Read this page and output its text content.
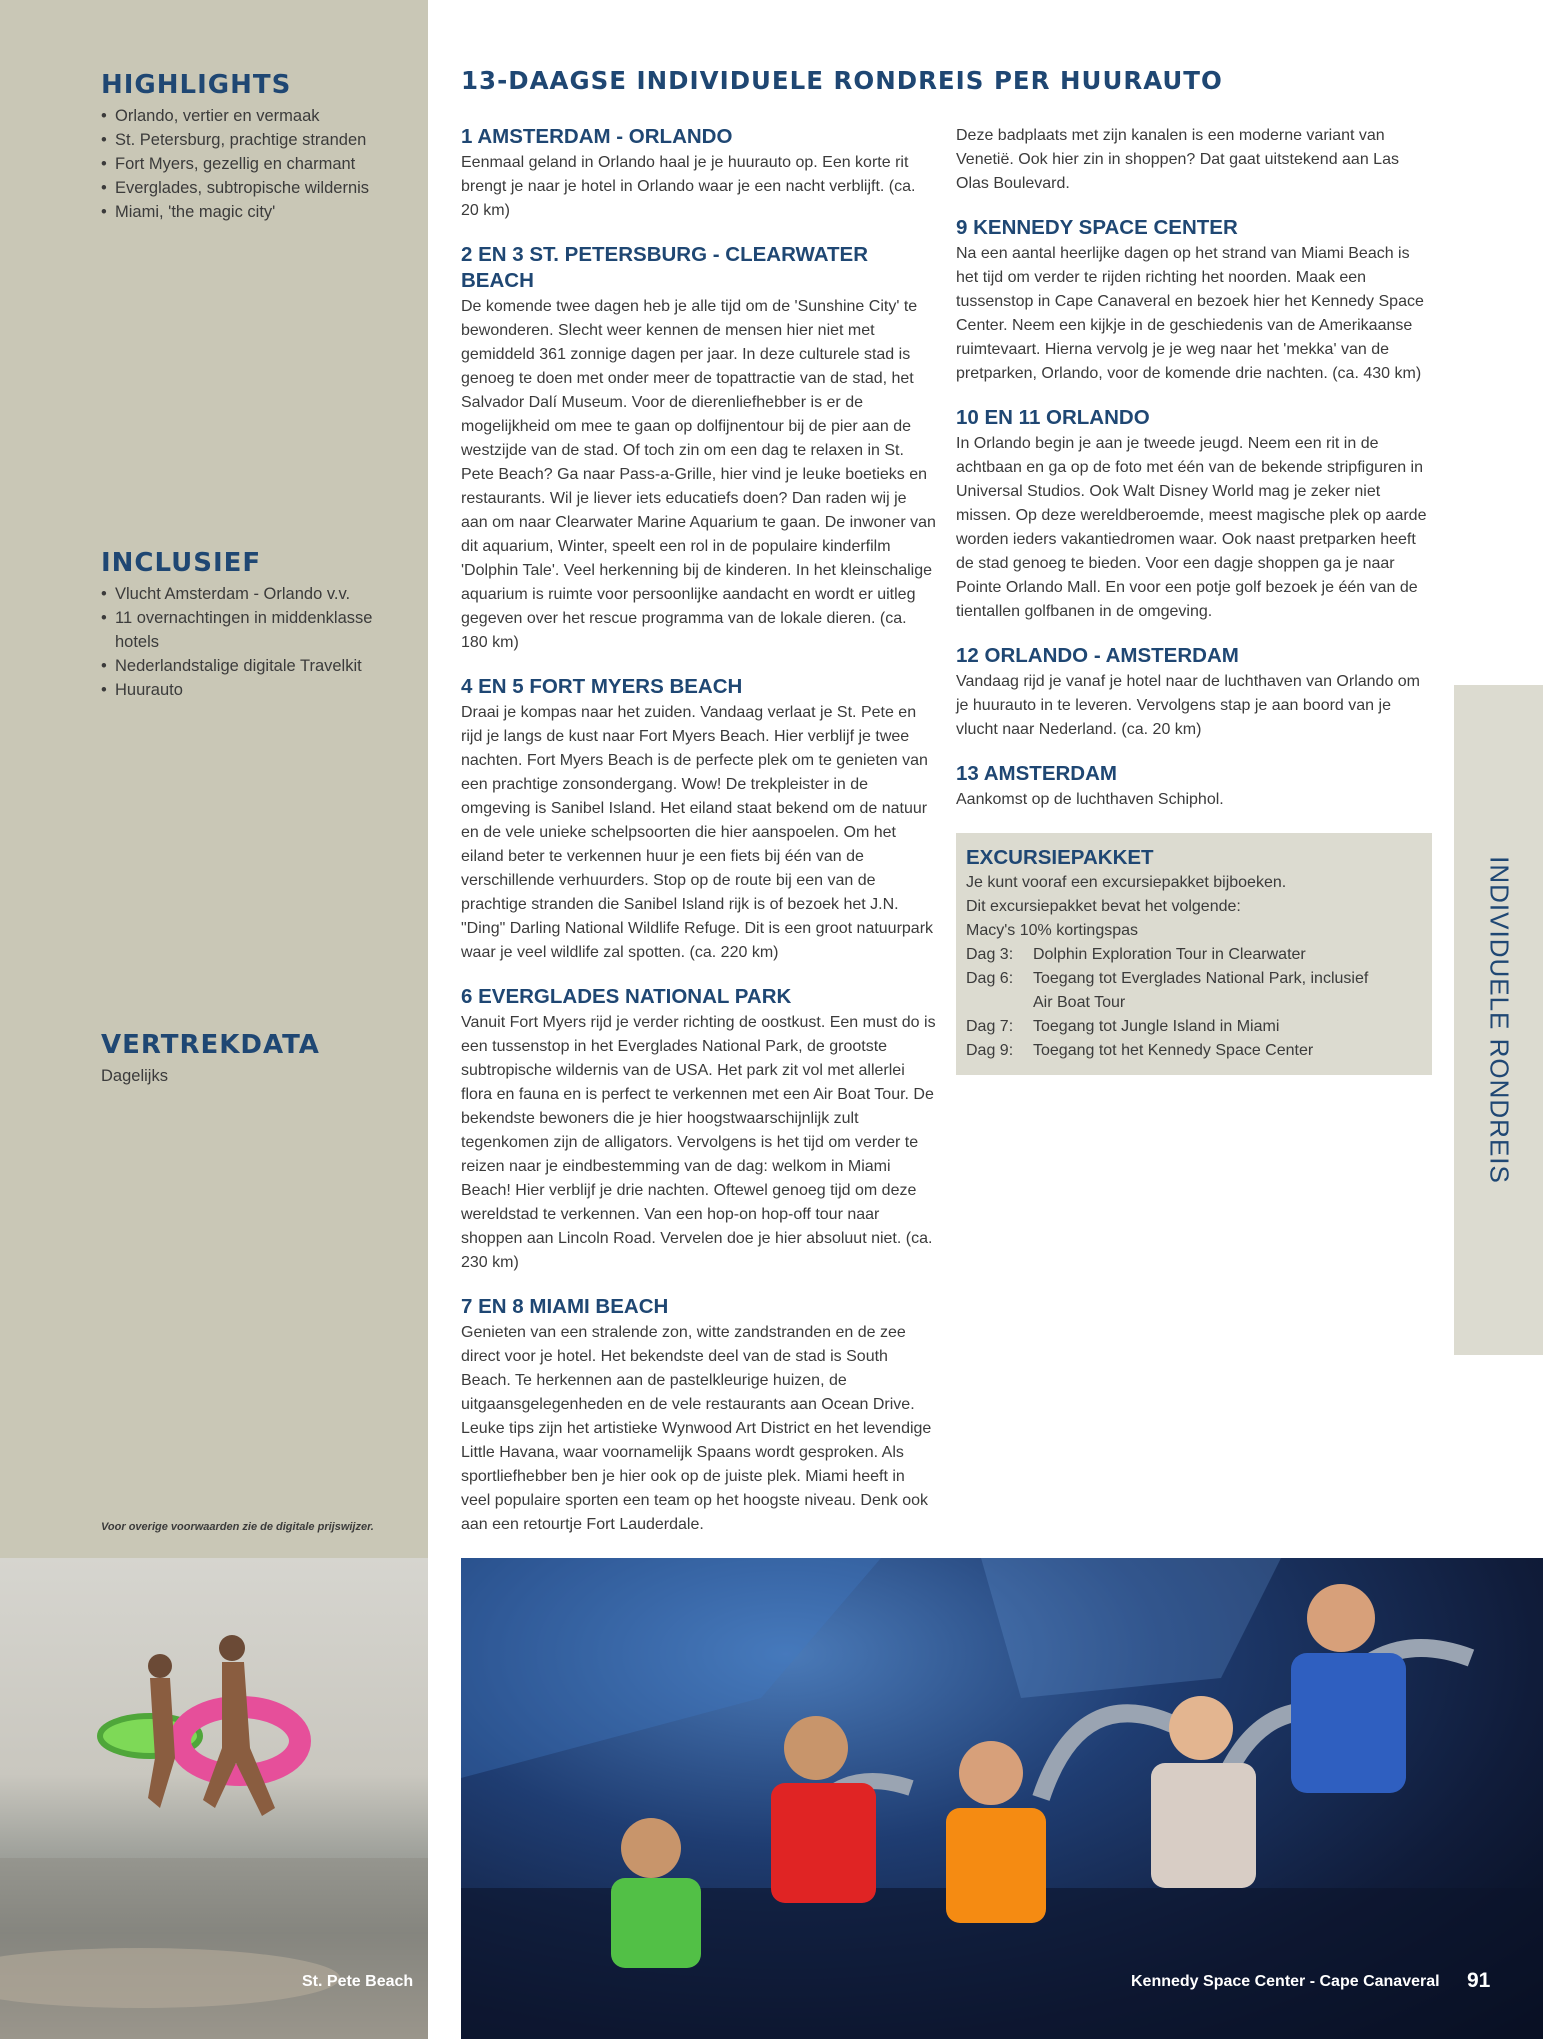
HIGHLIGHTS
• Orlando, vertier en vermaak
• St. Petersburg, prachtige stranden
• Fort Myers, gezellig en charmant
• Everglades, subtropische wildernis
• Miami, 'the magic city'
INCLUSIEF
• Vlucht Amsterdam - Orlando v.v.
• 11 overnachtingen in middenklasse hotels
• Nederlandstalige digitale Travelkit
• Huurauto
VERTREKDATA

Dagelijks

Voor overige voorwaarden zie de digitale prijswijzer.

13-DAAGSE INDIVIDUELE RONDREIS PER HUURAUTO
1 AMSTERDAM - ORLANDO

Eenmaal geland in Orlando haal je je huurauto op. Een korte rit brengt je naar je hotel in Orlando waar je een nacht verblijft. (ca. 20 km)

2 EN 3 ST. PETERSBURG - CLEARWATER BEACH

De komende twee dagen heb je alle tijd om de 'Sunshine City' te bewonderen. Slecht weer kennen de mensen hier niet met gemiddeld 361 zonnige dagen per jaar. In deze culturele stad is genoeg te doen met onder meer de topattractie van de stad, het Salvador Dalí Museum. Voor de dierenliefhebber is er de mogelijkheid om mee te gaan op dolfijnentour bij de pier aan de westzijde van de stad. Of toch zin om een dag te relaxen in St. Pete Beach? Ga naar Pass-a-Grille, hier vind je leuke boetieks en restaurants. Wil je liever iets educatiefs doen? Dan raden wij je aan om naar Clearwater Marine Aquarium te gaan. De inwoner van dit aquarium, Winter, speelt een rol in de populaire kinderfilm 'Dolphin Tale'. Veel herkenning bij de kinderen. In het kleinschalige aquarium is ruimte voor persoonlijke aandacht en wordt er uitleg gegeven over het rescue programma van de lokale dieren. (ca. 180 km)

4 EN 5 FORT MYERS BEACH

Draai je kompas naar het zuiden. Vandaag verlaat je St. Pete en rijd je langs de kust naar Fort Myers Beach. Hier verblijf je twee nachten. Fort Myers Beach is de perfecte plek om te genieten van een prachtige zonsondergang. Wow! De trekpleister in de omgeving is Sanibel Island. Het eiland staat bekend om de natuur en de vele unieke schelpsoorten die hier aanspoelen. Om het eiland beter te verkennen huur je een fiets bij één van de verschillende verhuurders. Stop op de route bij een van de prachtige stranden die Sanibel Island rijk is of bezoek het J.N. "Ding" Darling National Wildlife Refuge. Dit is een groot natuurpark waar je veel wildlife zal spotten. (ca. 220 km)

6 EVERGLADES NATIONAL PARK

Vanuit Fort Myers rijd je verder richting de oostkust. Een must do is een tussenstop in het Everglades National Park, de grootste subtropische wildernis van de USA. Het park zit vol met allerlei flora en fauna en is perfect te verkennen met een Air Boat Tour. De bekendste bewoners die je hier hoogstwaarschijnlijk zult tegenkomen zijn de alligators. Vervolgens is het tijd om verder te reizen naar je eindbestemming van de dag: welkom in Miami Beach! Hier verblijf je drie nachten. Oftewel genoeg tijd om deze wereldstad te verkennen. Van een hop-on hop-off tour naar shoppen aan Lincoln Road. Vervelen doe je hier absoluut niet. (ca. 230 km)

7 EN 8 MIAMI BEACH

Genieten van een stralende zon, witte zandstranden en de zee direct voor je hotel. Het bekendste deel van de stad is South Beach. Te herkennen aan de pastelkleurige huizen, de uitgaansgelegenheden en de vele restaurants aan Ocean Drive. Leuke tips zijn het artistieke Wynwood Art District en het levendige Little Havana, waar voornamelijk Spaans wordt gesproken. Als sportliefhebber ben je hier ook op de juiste plek. Miami heeft in veel populaire sporten een team op het hoogste niveau. Denk ook aan een retourtje Fort Lauderdale.

Deze badplaats met zijn kanalen is een moderne variant van Venetië. Ook hier zin in shoppen? Dat gaat uitstekend aan Las Olas Boulevard.

9 KENNEDY SPACE CENTER

Na een aantal heerlijke dagen op het strand van Miami Beach is het tijd om verder te rijden richting het noorden. Maak een tussenstop in Cape Canaveral en bezoek hier het Kennedy Space Center. Neem een kijkje in de geschiedenis van de Amerikaanse ruimtevaart. Hierna vervolg je je weg naar het 'mekka' van de pretparken, Orlando, voor de komende drie nachten. (ca. 430 km)

10 EN 11 ORLANDO

In Orlando begin je aan je tweede jeugd. Neem een rit in de achtbaan en ga op de foto met één van de bekende stripfiguren in Universal Studios. Ook Walt Disney World mag je zeker niet missen. Op deze wereldberoemde, meest magische plek op aarde worden ieders vakantiedromen waar. Ook naast pretparken heeft de stad genoeg te bieden. Voor een dagje shoppen ga je naar Pointe Orlando Mall. En voor een potje golf bezoek je één van de tientallen golfbanen in de omgeving.

12 ORLANDO - AMSTERDAM

Vandaag rijd je vanaf je hotel naar de luchthaven van Orlando om je huurauto in te leveren. Vervolgens stap je aan boord van je vlucht naar Nederland. (ca. 20 km)

13 AMSTERDAM

Aankomst op de luchthaven Schiphol.

EXCURSIEPAKKET

Je kunt vooraf een excursiepakket bijboeken.

Dit excursiepakket bevat het volgende:

Macy's 10% kortingspas

Dag 3:	Dolphin Exploration Tour in Clearwater
Dag 6:	Toegang tot Everglades National Park, inclusief Air Boat Tour
Dag 7:	Toegang tot Jungle Island in Miami
Dag 9:	Toegang tot het Kennedy Space Center	INDIVIDUELE RONDREIS
St. Pete Beach	Kennedy Space Center - Cape Canaveral 91
